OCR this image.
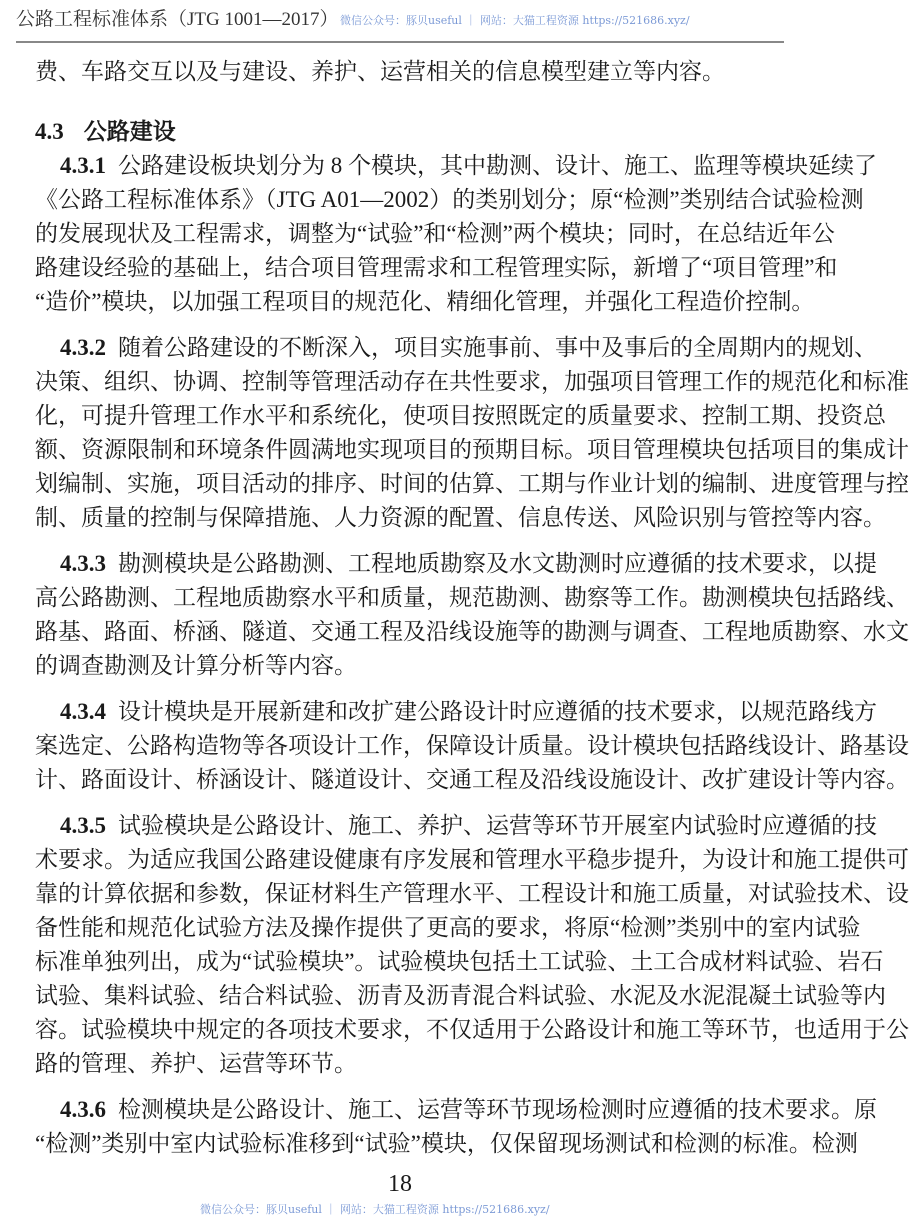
公路工程标准体系（JTG 1001—2017） 微信公众号：豚贝useful ｜ 网站：大猫工程资源 https://521686.xyz/
费、车路交互以及与建设、养护、运营相关的信息模型建立等内容。
4.3 公路建设
4.3.1 公路建设板块划分为 8 个模块，其中勘测、设计、施工、监理等模块延续了
《公路工程标准体系》（JTG A01—2002）的类别划分；原“检测”类别结合试验检测
的发展现状及工程需求，调整为“试验”和“检测”两个模块；同时，在总结近年公
路建设经验的基础上，结合项目管理需求和工程管理实际，新增了“项目管理”和
“造价”模块，以加强工程项目的规范化、精细化管理，并强化工程造价控制。
4.3.2 随着公路建设的不断深入，项目实施事前、事中及事后的全周期内的规划、
决策、组织、协调、控制等管理活动存在共性要求，加强项目管理工作的规范化和标准
化，可提升管理工作水平和系统化，使项目按照既定的质量要求、控制工期、投资总
额、资源限制和环境条件圆满地实现项目的预期目标。项目管理模块包括项目的集成计
划编制、实施，项目活动的排序、时间的估算、工期与作业计划的编制、进度管理与控
制、质量的控制与保障措施、人力资源的配置、信息传送、风险识别与管控等内容。
4.3.3 勘测模块是公路勘测、工程地质勘察及水文勘测时应遵循的技术要求，以提
高公路勘测、工程地质勘察水平和质量，规范勘测、勘察等工作。勘测模块包括路线、
路基、路面、桥涵、隧道、交通工程及沿线设施等的勘测与调查、工程地质勘察、水文
的调查勘测及计算分析等内容。
4.3.4 设计模块是开展新建和改扩建公路设计时应遵循的技术要求，以规范路线方
案选定、公路构造物等各项设计工作，保障设计质量。设计模块包括路线设计、路基设
计、路面设计、桥涵设计、隧道设计、交通工程及沿线设施设计、改扩建设计等内容。
4.3.5 试验模块是公路设计、施工、养护、运营等环节开展室内试验时应遵循的技
术要求。为适应我国公路建设健康有序发展和管理水平稳步提升，为设计和施工提供可
靠的计算依据和参数，保证材料生产管理水平、工程设计和施工质量，对试验技术、设
备性能和规范化试验方法及操作提供了更高的要求，将原“检测”类别中的室内试验
标准单独列出，成为“试验模块”。试验模块包括土工试验、土工合成材料试验、岩石
试验、集料试验、结合料试验、沥青及沥青混合料试验、水泥及水泥混凝土试验等内
容。试验模块中规定的各项技术要求，不仅适用于公路设计和施工等环节，也适用于公
路的管理、养护、运营等环节。
4.3.6 检测模块是公路设计、施工、运营等环节现场检测时应遵循的技术要求。原
“检测”类别中室内试验标准移到“试验”模块，仅保留现场测试和检测的标准。检测
18
微信公众号：豚贝useful ｜ 网站：大猫工程资源 https://521686.xyz/
